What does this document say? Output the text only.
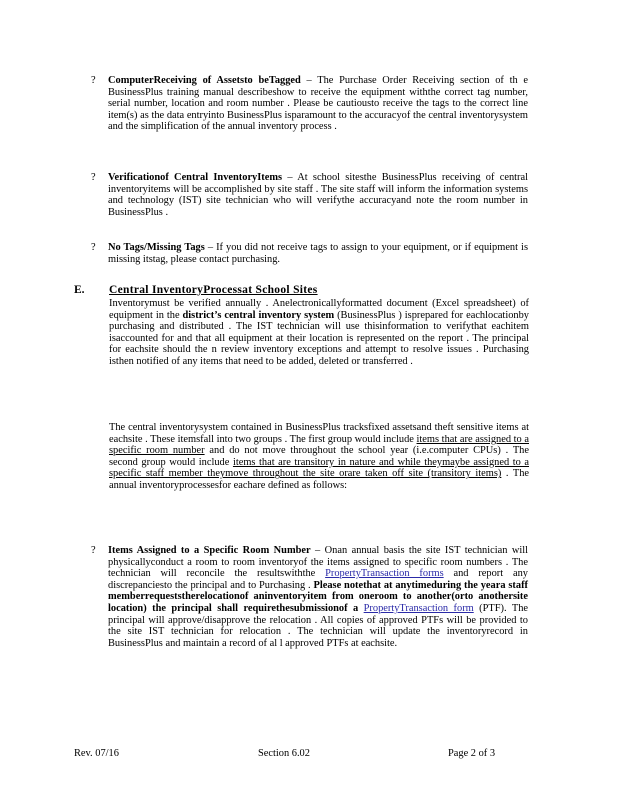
? ComputerReceiving of Assetsto beTagged – The Purchase Order Receiving section of th e BusinessPlus training manual describeshow to receive the equipment withthe correct tag number, serial number, location and room number . Please be cautiousto receive the tags to the correct line item(s) as the data entryinto BusinessPlus isparamount to the accuracyof the central inventorysystem and the simplification of the annual inventory process .

? Verificationof Central InventoryItems – At school sitesthe BusinessPlus receiving of central inventoryitems will be accomplished by site staff . The site staff will inform the information systems and technology (IST) site technician who will verifythe accuracyand note the room number in BusinessPlus .

? No Tags/Missing Tags – If you did not receive tags to assign to your equipment, or if equipment is missing itstag, please contact purchasing.

E. Central InventoryProcessat School Sites

Inventorymust be verified annually . Anelectronicallyformatted document (Excel spreadsheet) of equipment in the district’s central inventory system (BusinessPlus ) isprepared for eachlocationby purchasing and distributed . The IST technician will use thisinformation to verifythat eachitem isaccounted for and that all equipment at their location is represented on the report . The principal for eachsite should the n review inventory exceptions and attempt to resolve issues . Purchasing isthen notified of any items that need to be added, deleted or transferred .

The central inventorysystem contained in BusinessPlus tracksfixed assetsand theft sensitive items at eachsite . These itemsfall into two groups . The first group would include items that are assigned to a specific room number and do not move throughout the school year (i.e.computer CPUs) . The second group would include items that are transitory in nature and while theymaybe assigned to a specific staff member theymove throughout the site orare taken off site (transitory items) . The annual inventoryprocessesfor eachare defined as follows:

? Items Assigned to a Specific Room Number – Onan annual basis the site IST technician will physicallyconduct a room to room inventoryof the items assigned to specific room numbers . The technician will reconcile the resultswiththe PropertyTransaction forms and report any discrepanciesto the principal and to Purchasing . Please notethat at anytimeduring the yeara staff memberrequeststherelocationof aninventoryitem from oneroom to another(orto anothersite location) the principal shall requirethesubmissionof a PropertyTransaction form (PTF). The principal will approve/disapprove the relocation . All copies of approved PTFs will be provided to the site IST technician for relocation . The technician will update the inventoryrecord in BusinessPlus and maintain a record of al l approved PTFs at eachsite.

Rev. 07/16	Section 6.02	Page 2 of 3
